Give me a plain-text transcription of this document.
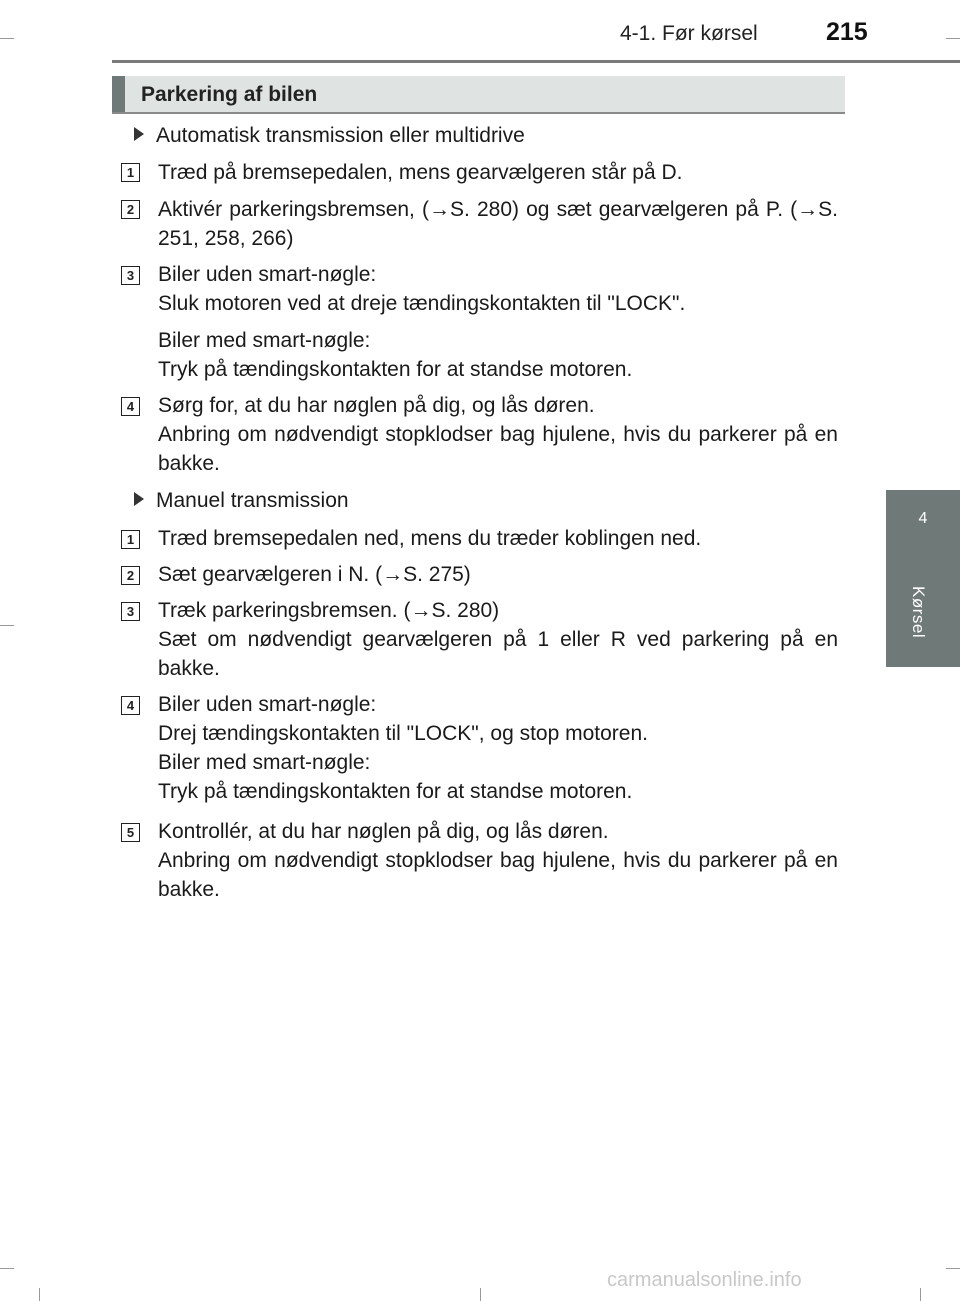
4-1. Før kørsel	215
4
Kørsel
Parkering af bilen
Automatisk transmission eller multidrive
1 Træd på bremsepedalen, mens gearvælgeren står på D.

2 Aktivér parkeringsbremsen, (→S. 280) og sæt gearvælgeren på P. (→S. 251, 258, 266)

3 Biler uden smart-nøgle:

Sluk motoren ved at dreje tændingskontakten til "LOCK".

Biler med smart-nøgle:

Tryk på tændingskontakten for at standse motoren.

4 Sørg for, at du har nøglen på dig, og lås døren.

Anbring om nødvendigt stopklodser bag hjulene, hvis du parkerer på en bakke.

Manuel transmission
1 Træd bremsepedalen ned, mens du træder koblingen ned.

2 Sæt gearvælgeren i N. (→S. 275)

3 Træk parkeringsbremsen. (→S. 280)

Sæt om nødvendigt gearvælgeren på 1 eller R ved parkering på en bakke.

4 Biler uden smart-nøgle:

Drej tændingskontakten til "LOCK", og stop motoren.

Biler med smart-nøgle:

Tryk på tændingskontakten for at standse motoren.

5 Kontrollér, at du har nøglen på dig, og lås døren.

Anbring om nødvendigt stopklodser bag hjulene, hvis du parkerer på en bakke.

carmanualsonline.info
